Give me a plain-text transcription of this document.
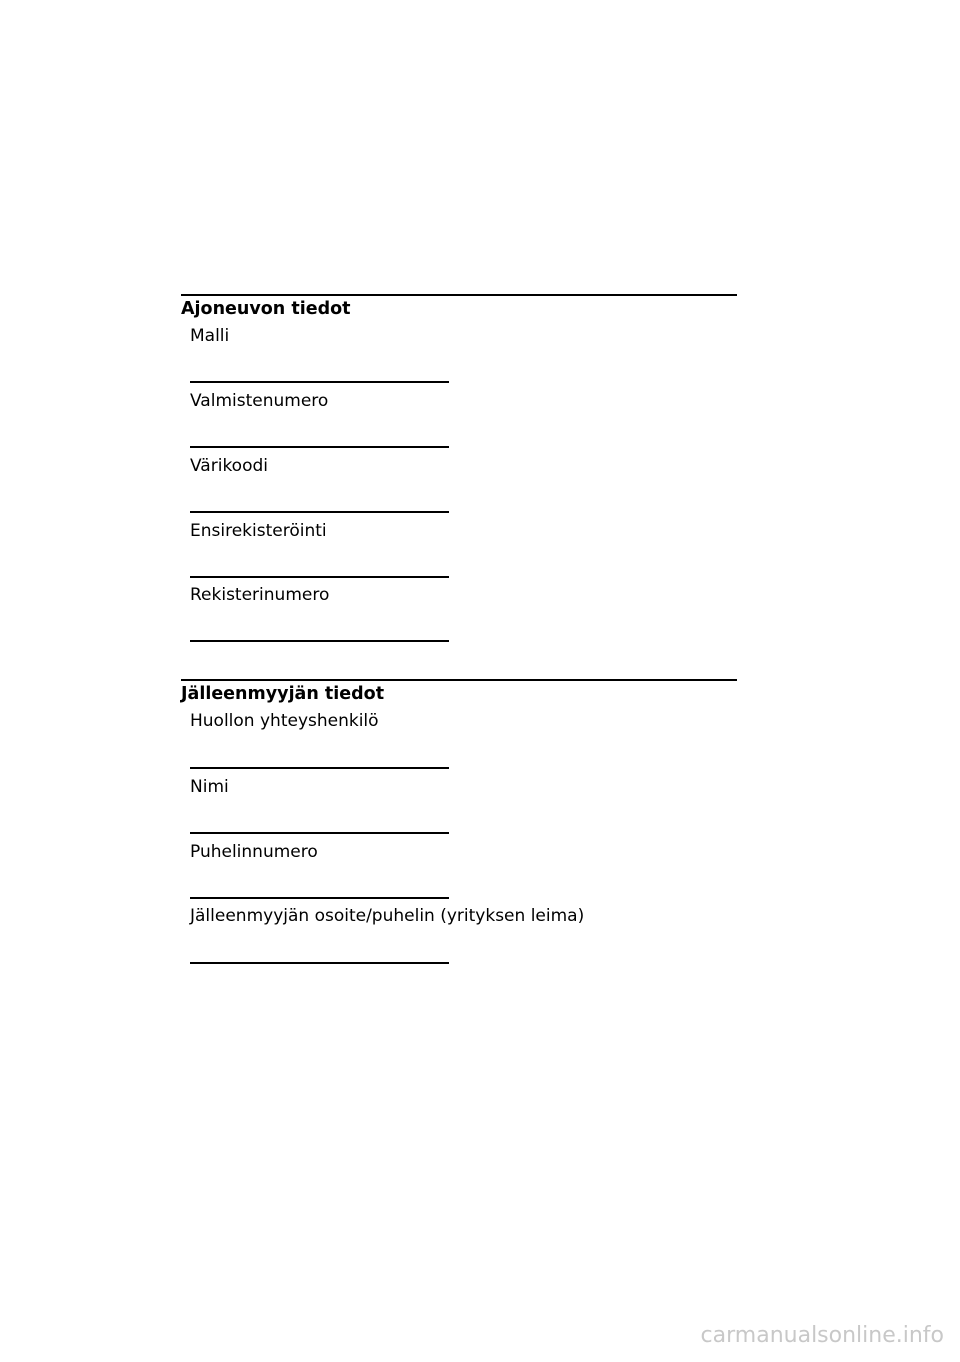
Ajoneuvon tiedot
Malli
Valmistenumero
Värikoodi
Ensirekisteröinti
Rekisterinumero
Jälleenmyyjän tiedot
Huollon yhteyshenkilö
Nimi
Puhelinnumero
Jälleenmyyjän osoite/puhelin (yrityksen leima)
carmanualsonline.info
